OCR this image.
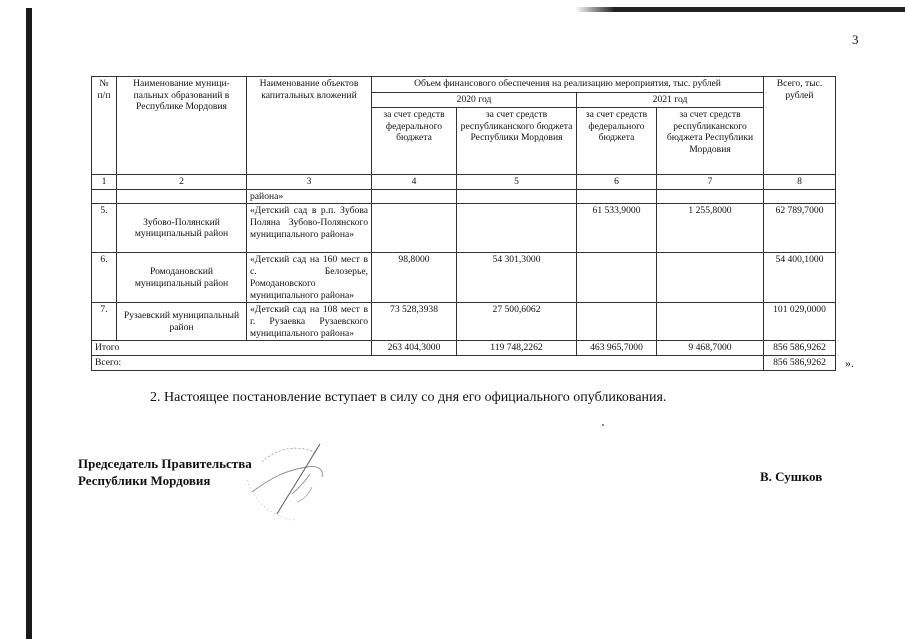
3
№ п/п	Наименование муници-пальных образований в Республике Мордовия	Наименование объектов капитальных вложений	Объем финансового обеспечения на реализацию мероприятия, тыс. рублей				Всего, тыс. рублей
			2020 год		2021 год		
			за счет средств федерального бюджета	за счет средств республиканского бюджета Республики Мордовия	за счет средств федерального бюджета	за счет средств республиканского бюджета Республики Мордовия	
1	2	3	4	5	6	7	8
		района»					
5.	Зубово-Полянский муниципальный район	«Детский сад в р.п. Зубова Поляна Зубово-Полянского муниципального района»			61 533,9000	1 255,8000	62 789,7000
6.	Ромодановский муниципальный район	«Детский сад на 160 мест в с. Белозерье, Ромодановского муниципального района»	98,8000	54 301,3000			54 400,1000
7.	Рузаевский муниципальный район	«Детский сад на 108 мест в г. Рузаевка Рузаевского муниципального района»	73 528,3938	27 500,6062			101 029,0000
Итого			263 404,3000	119 748,2262	463 965,7000	9 468,7000	856 586,9262
Всего:							856 586,9262 ».
2. Настоящее постановление вступает в силу со дня его официального опубликования.
Председатель Правительства
Республики Мордовия	В. Сушков
